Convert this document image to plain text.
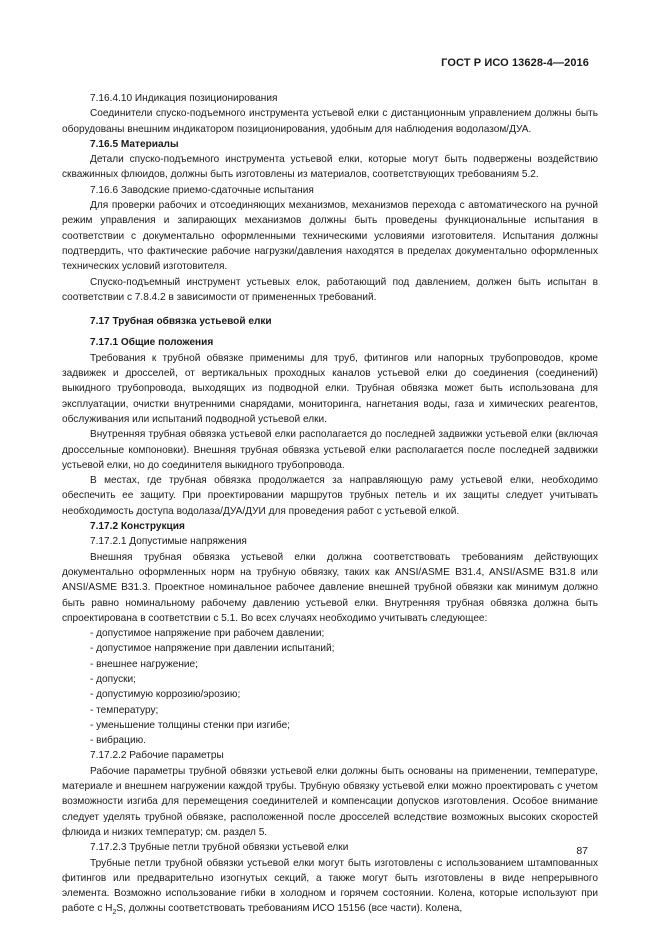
ГОСТ Р ИСО 13628-4—2016

7.16.4.10 Индикация позиционирования

Соединители спуско-подъемного инструмента устьевой елки с дистанционным управлением должны быть оборудованы внешним индикатором позиционирования, удобным для наблюдения водолазом/ДУА.

7.16.5 Материалы

Детали спуско-подъемного инструмента устьевой елки, которые могут быть подвержены воздействию скважинных флюидов, должны быть изготовлены из материалов, соответствующих требованиям 5.2.

7.16.6 Заводские приемо-сдаточные испытания

Для проверки рабочих и отсоединяющих механизмов, механизмов перехода с автоматического на ручной режим управления и запирающих механизмов должны быть проведены функциональные испытания в соответствии с документально оформленными техническими условиями изготовителя. Испытания должны подтвердить, что фактические рабочие нагрузки/давления находятся в пределах документально оформленных технических условий изготовителя.

Спуско-подъемный инструмент устьевых елок, работающий под давлением, должен быть испытан в соответствии с 7.8.4.2 в зависимости от примененных требований.

7.17 Трубная обвязка устьевой елки

7.17.1 Общие положения

Требования к трубной обвязке применимы для труб, фитингов или напорных трубопроводов, кроме задвижек и дросселей, от вертикальных проходных каналов устьевой елки до соединения (соединений) выкидного трубопровода, выходящих из подводной елки. Трубная обвязка может быть использована для эксплуатации, очистки внутренними снарядами, мониторинга, нагнетания воды, газа и химических реагентов, обслуживания или испытаний подводной устьевой елки.

Внутренняя трубная обвязка устьевой елки располагается до последней задвижки устьевой елки (включая дроссельные компоновки). Внешняя трубная обвязка устьевой елки располагается после последней задвижки устьевой елки, но до соединителя выкидного трубопровода.

В местах, где трубная обвязка продолжается за направляющую раму устьевой елки, необходимо обеспечить ее защиту. При проектировании маршрутов трубных петель и их защиты следует учитывать необходимость доступа водолаза/ДУА/ДУИ для проведения работ с устьевой елкой.

7.17.2 Конструкция

7.17.2.1 Допустимые напряжения

Внешняя трубная обвязка устьевой елки должна соответствовать требованиям действующих документально оформленных норм на трубную обвязку, таких как ANSI/ASME B31.4, ANSI/ASME B31.8 или ANSI/ASME B31.3. Проектное номинальное рабочее давление внешней трубной обвязки как минимум должно быть равно номинальному рабочему давлению устьевой елки. Внутренняя трубная обвязка должна быть спроектирована в соответствии с 5.1. Во всех случаях необходимо учитывать следующее:

- допустимое напряжение при рабочем давлении;

- допустимое напряжение при давлении испытаний;

- внешнее нагружение;

- допуски;

- допустимую коррозию/эрозию;

- температуру;

- уменьшение толщины стенки при изгибе;

- вибрацию.

7.17.2.2 Рабочие параметры

Рабочие параметры трубной обвязки устьевой елки должны быть основаны на применении, температуре, материале и внешнем нагружении каждой трубы. Трубную обвязку устьевой елки можно проектировать с учетом возможности изгиба для перемещения соединителей и компенсации допусков изготовления. Особое внимание следует уделять трубной обвязке, расположенной после дросселей вследствие возможных высоких скоростей флюида и низких температур; см. раздел 5.

7.17.2.3 Трубные петли трубной обвязки устьевой елки

Трубные петли трубной обвязки устьевой елки могут быть изготовлены с использованием штампованных фитингов или предварительно изогнутых секций, а также могут быть изготовлены в виде непрерывного элемента. Возможно использование гибки в холодном и горячем состоянии. Колена, которые используют при работе с $H_2S$, должны соответствовать требованиям ИСО 15156 (все части). Колена,

87
